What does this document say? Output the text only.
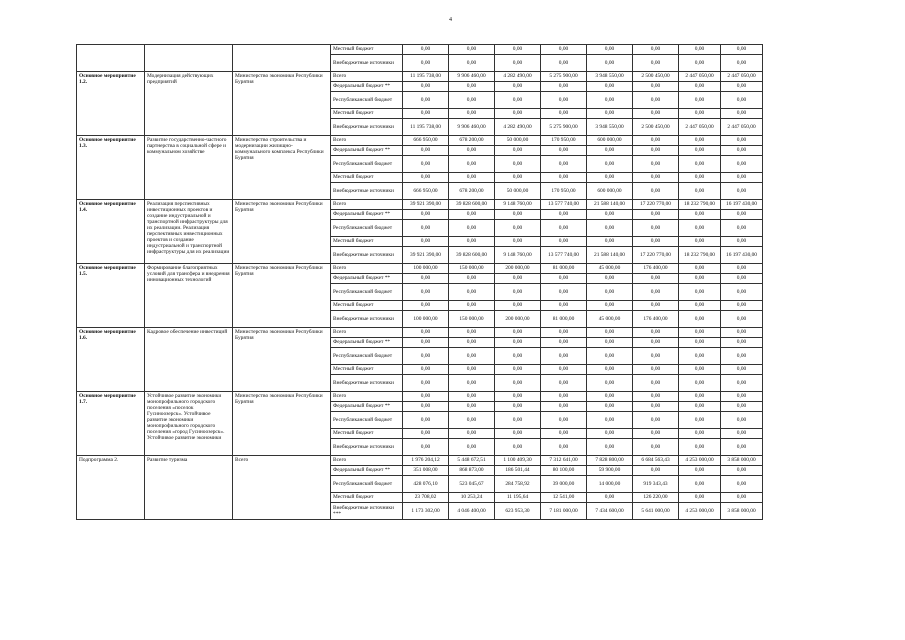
4
			Местный бюджет	0,00	0,00	0,00	0,00	0,00	0,00	0,00	0,00
			Внебюджетные источники	0,00	0,00	0,00	0,00	0,00	0,00	0,00	0,00
Основное мероприятие 1.2.	Модернизация действующих предприятий	Министерство экономики Республики Бурятия	Всего	11 195 738,00	9 906 460,00	4 282 490,00	5 275 900,00	3 948 550,00	2 500 450,00	2 447 050,00	2 447 050,00
			Федеральный бюджет **	0,00	0,00	0,00	0,00	0,00	0,00	0,00	0,00
			Республиканский бюджет	0,00	0,00	0,00	0,00	0,00	0,00	0,00	0,00
			Местный бюджет	0,00	0,00	0,00	0,00	0,00	0,00	0,00	0,00
			Внебюджетные источники	11 195 738,00	9 906 460,00	4 282 490,00	5 275 900,00	3 948 550,00	2 500 450,00	2 447 050,00	2 447 050,00
Основное мероприятие 1.3.	Развитие государственно-частного партнерства в социальной сфере и коммунальном хозяйстве	Министерство строительства и модернизации жилищно-коммунального комплекса Республики Бурятия	Всего	666 950,00	678 200,00	50 000,00	170 950,00	600 000,00	0,00	0,00	0,00
			Федеральный бюджет **	0,00	0,00	0,00	0,00	0,00	0,00	0,00	0,00
			Республиканский бюджет	0,00	0,00	0,00	0,00	0,00	0,00	0,00	0,00
			Местный бюджет	0,00	0,00	0,00	0,00	0,00	0,00	0,00	0,00
			Внебюджетные источники	666 950,00	678 200,00	50 000,00	170 950,00	600 000,00	0,00	0,00	0,00
Основное мероприятие 1.4.	Реализация перспективных инвестиционных проектов и создание индустриальной и транспортной инфраструктуры для их реализации. Реализация перспективных инвестиционных проектов и создание индустриальной и транспортной инфраструктуры для их реализации	Министерство экономики Республики Бурятия	Всего	39 921 390,00	39 828 600,00	9 148 760,00	13 577 740,00	21 588 140,00	17 220 770,00	18 232 790,00	16 197 430,00
			Федеральный бюджет **	0,00	0,00	0,00	0,00	0,00	0,00	0,00	0,00
			Республиканский бюджет	0,00	0,00	0,00	0,00	0,00	0,00	0,00	0,00
			Местный бюджет	0,00	0,00	0,00	0,00	0,00	0,00	0,00	0,00
			Внебюджетные источники	39 921 390,00	39 828 600,00	9 148 760,00	13 577 740,00	21 588 140,00	17 220 770,00	18 232 790,00	16 197 430,00
Основное мероприятие 1.5.	Формирование благоприятных условий для трансфера и внедрения инновационных технологий	Министерство экономики Республики Бурятия	Всего	100 000,00	150 000,00	200 000,00	81 000,00	45 000,00	176 400,00	0,00	0,00
			Федеральный бюджет **	0,00	0,00	0,00	0,00	0,00	0,00	0,00	0,00
			Республиканский бюджет	0,00	0,00	0,00	0,00	0,00	0,00	0,00	0,00
			Местный бюджет	0,00	0,00	0,00	0,00	0,00	0,00	0,00	0,00
			Внебюджетные источники	100 000,00	150 000,00	200 000,00	81 000,00	45 000,00	176 400,00	0,00	0,00
Основное мероприятие 1.6.	Кадровое обеспечение инвестиций	Министерство экономики Республики Бурятия	Всего	0,00	0,00	0,00	0,00	0,00	0,00	0,00	0,00
			Федеральный бюджет **	0,00	0,00	0,00	0,00	0,00	0,00	0,00	0,00
			Республиканский бюджет	0,00	0,00	0,00	0,00	0,00	0,00	0,00	0,00
			Местный бюджет	0,00	0,00	0,00	0,00	0,00	0,00	0,00	0,00
			Внебюджетные источники	0,00	0,00	0,00	0,00	0,00	0,00	0,00	0,00
Основное мероприятие 1.7.	Устойчивое развитие экономики монопрофильного городского поселения «поселок Гусиноозерск». Устойчивое развитие экономики монопрофильного городского поселения «город Гусиноозерск». Устойчивое развитие экономики	Министерство экономики Республики Бурятия	Всего	0,00	0,00	0,00	0,00	0,00	0,00	0,00	0,00
			Федеральный бюджет **	0,00	0,00	0,00	0,00	0,00	0,00	0,00	0,00
			Республиканский бюджет	0,00	0,00	0,00	0,00	0,00	0,00	0,00	0,00
			Местный бюджет	0,00	0,00	0,00	0,00	0,00	0,00	0,00	0,00
			Внебюджетные источники	0,00	0,00	0,00	0,00	0,00	0,00	0,00	0,00
Подпрограмма 2.	Развитие туризма	Всего	Всего	1 976 204,12	5 448 672,51	1 100 409,30	7 312 641,00	7 828 800,00	6 684 563,43	4 253 000,00	3 858 000,00
			Федеральный бюджет **	351 008,00	868 873,00	186 501,44	80 100,00	59 900,00	0,00	0,00	0,00
			Республиканский бюджет	428 076,10	523 045,67	284 758,92	39 000,00	14 000,00	919 343,43	0,00	0,00
			Местный бюджет	23 708,02	10 253,24	11 195,64	12 541,00	0,00	126 220,00	0,00	0,00
			Внебюджетные источники ***	1 173 302,00	4 046 400,00	623 953,30	7 181 000,00	7 434 600,00	5 641 000,00	4 253 000,00	3 858 000,00
